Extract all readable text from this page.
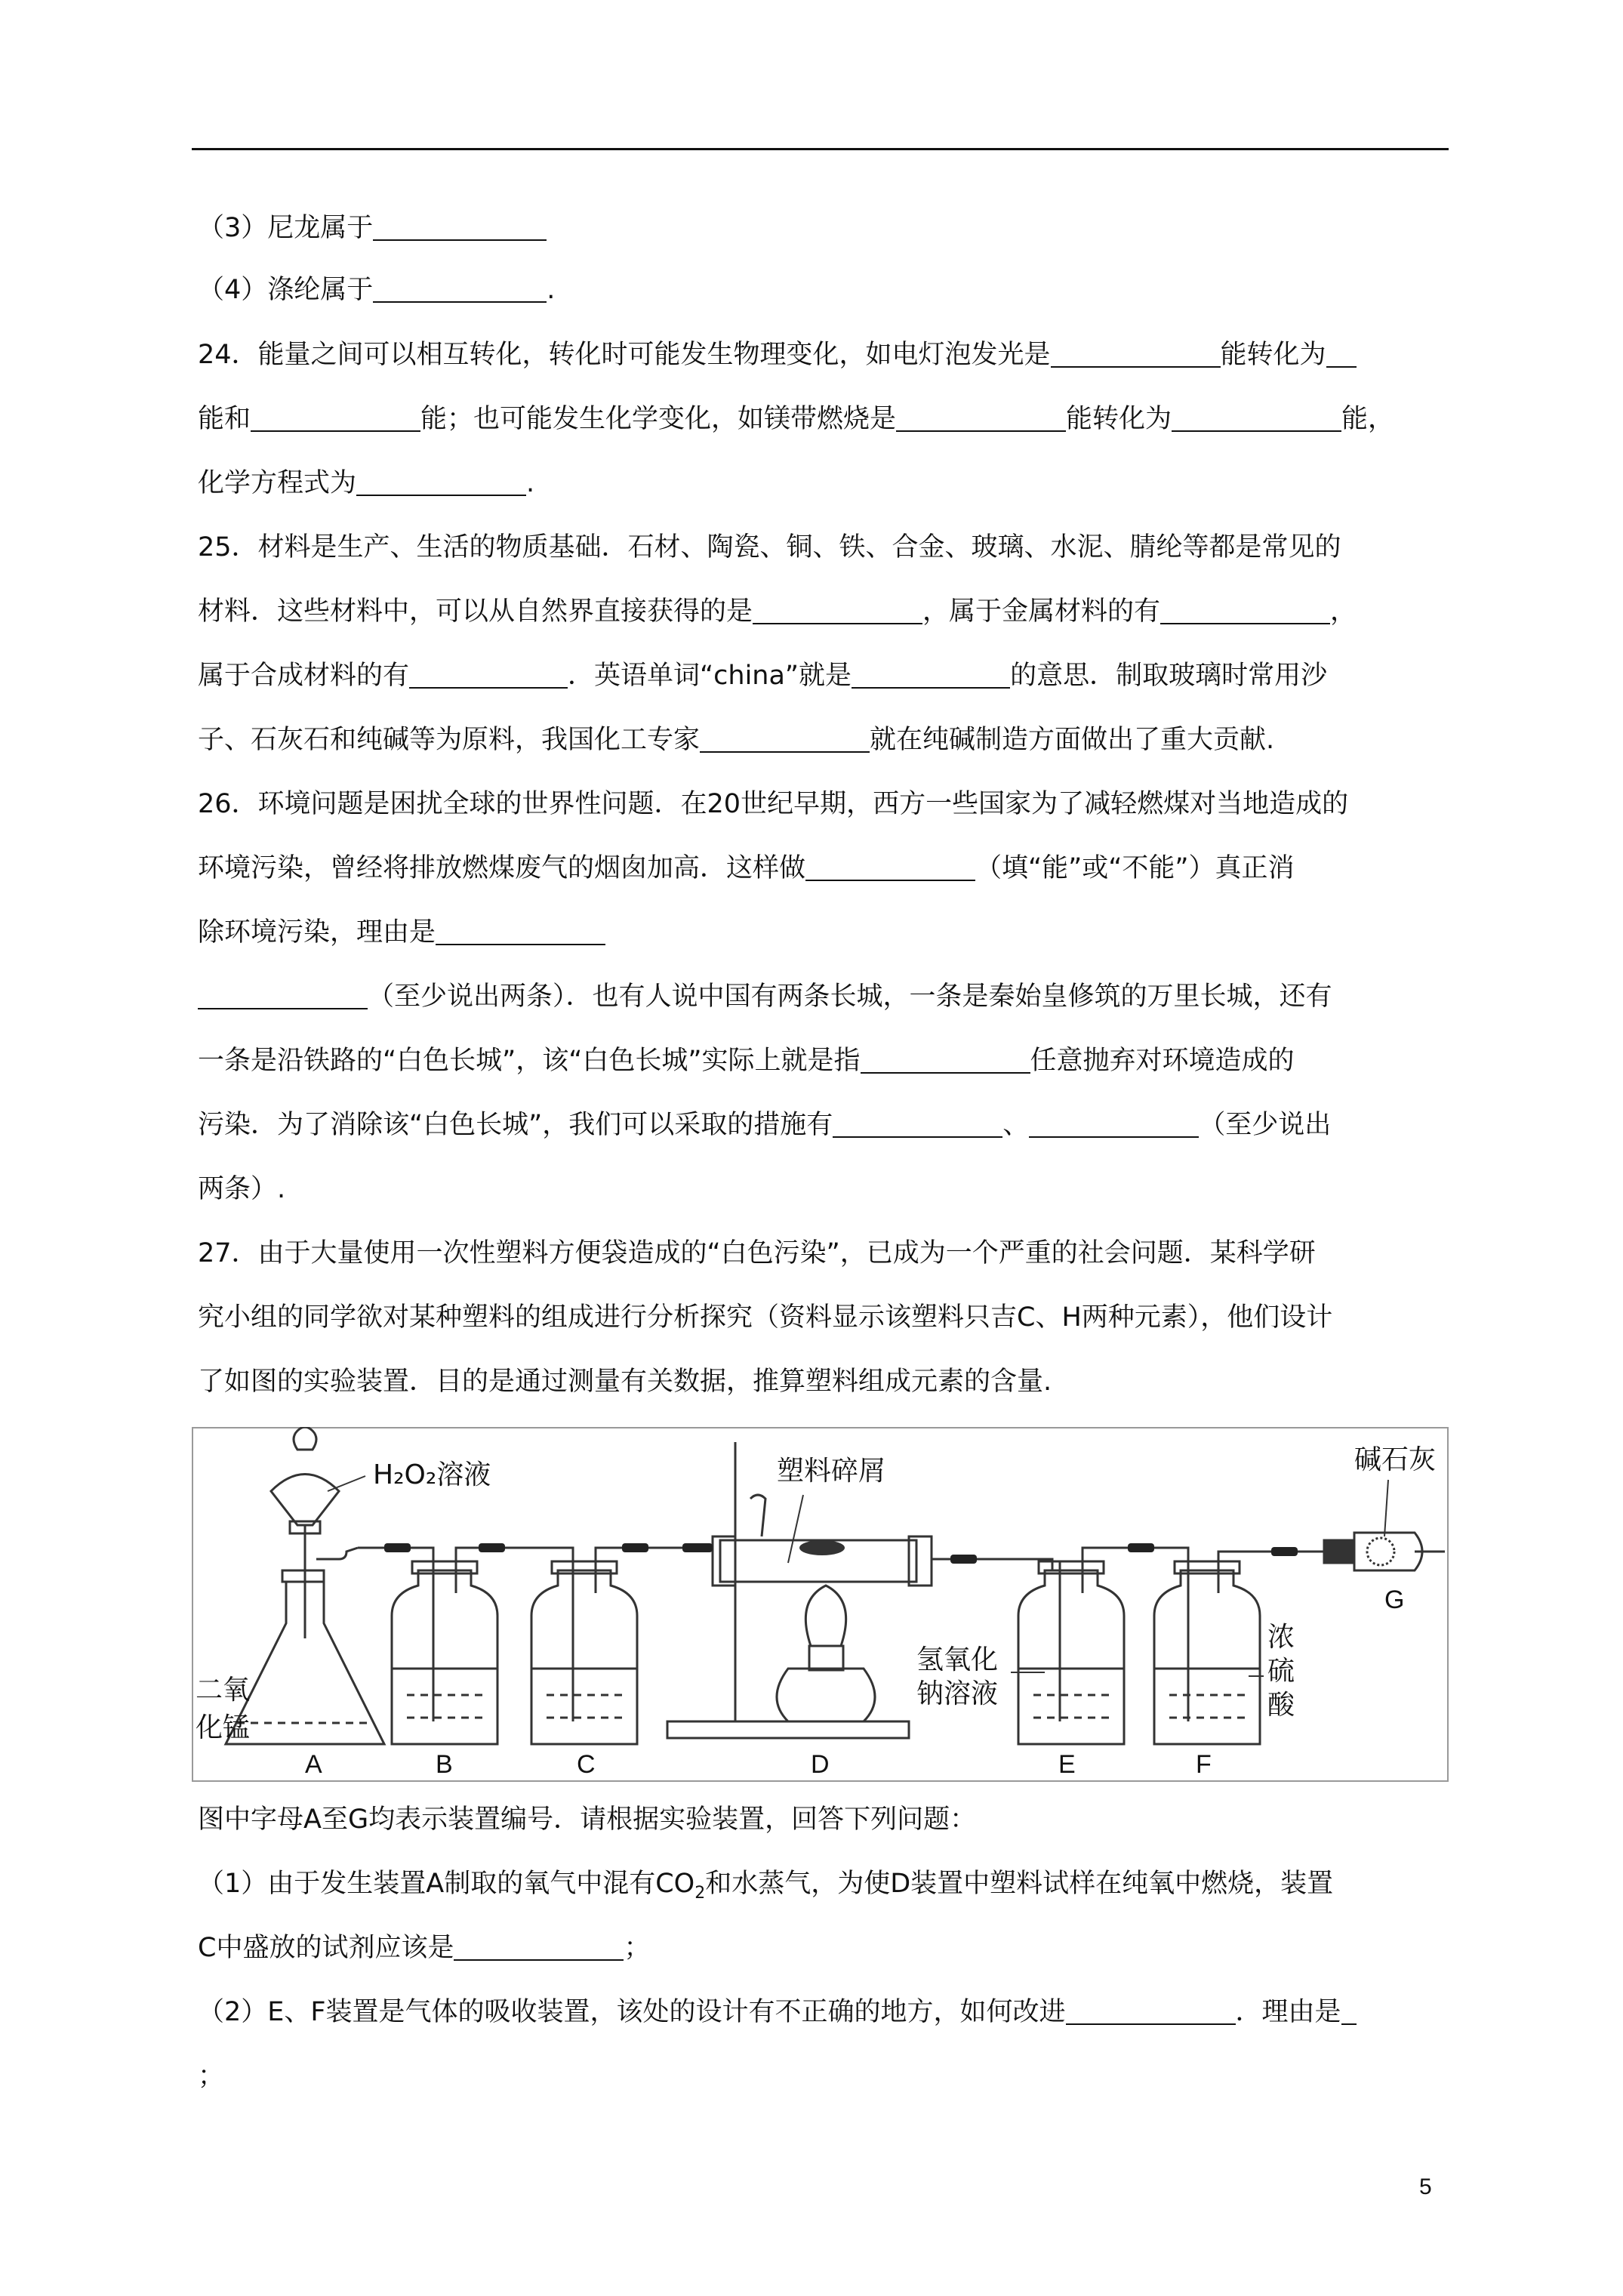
（3）尼龙属于
（4）涤纶属于	.
24．能量之间可以相互转化，转化时可能发生物理变化，如电灯泡发光是	能转化为
能和	能；也可能发生化学变化，如镁带燃烧是	能转化为	能，
化学方程式为	.
25．材料是生产、生活的物质基础．石材、陶瓷、铜、铁、合金、玻璃、水泥、腈纶等都是常见的
材料．这些材料中，可以从自然界直接获得的是	，属于金属材料的有	，
属于合成材料的有	．英语单词“china”就是	的意思．制取玻璃时常用沙
子、石灰石和纯碱等为原料，我国化工专家	就在纯碱制造方面做出了重大贡献.
26．环境问题是困扰全球的世界性问题．在20世纪早期，西方一些国家为了减轻燃煤对当地造成的
环境污染，曾经将排放燃煤废气的烟囱加高．这样做	（填“能”或“不能”）真正消
除环境污染，理由是
（至少说出两条）．也有人说中国有两条长城，一条是秦始皇修筑的万里长城，还有
一条是沿铁路的“白色长城”，该“白色长城”实际上就是指	任意抛弃对环境造成的
污染．为了消除该“白色长城”，我们可以采取的措施有	、	（至少说出
两条）.
27．由于大量使用一次性塑料方便袋造成的“白色污染”，已成为一个严重的社会问题．某科学研
究小组的同学欲对某种塑料的组成进行分析探究（资料显示该塑料只吉C、H两种元素），他们设计
了如图的实验装置．目的是通过测量有关数据，推算塑料组成元素的含量.
H₂O₂溶液	塑料碎屑	碱石灰
二氧
化锰
氢氧化
钠溶液
浓
硫
酸
A	B	C	D	E	F
G
图中字母A至G均表示装置编号．请根据实验装置，回答下列问题：
（1）由于发生装置A制取的氧气中混有$CO_2$和水蒸气，为使D装置中塑料试样在纯氧中燃烧，装置
C中盛放的试剂应该是	；
（2）E、F装置是气体的吸收装置，该处的设计有不正确的地方，如何改进	．理由是
；
5
